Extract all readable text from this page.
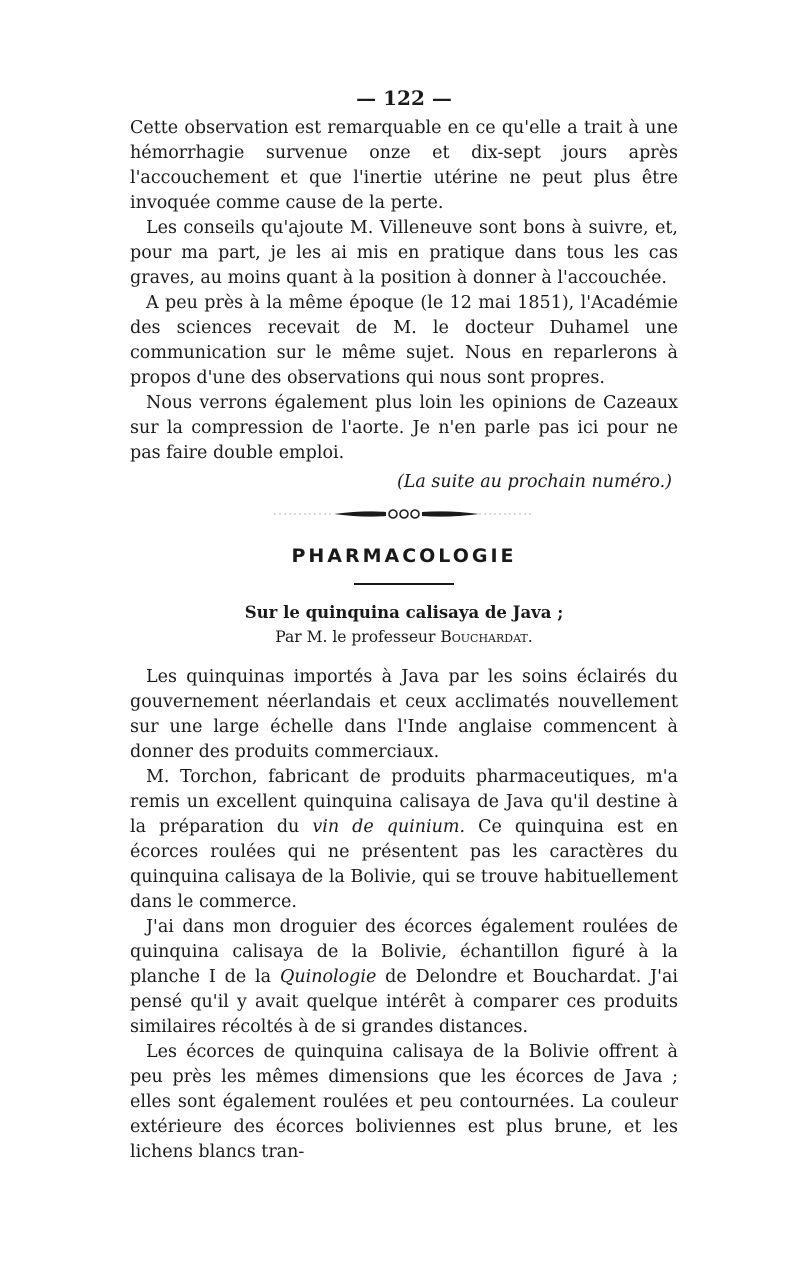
— 122 —

Cette observation est remarquable en ce qu'elle a trait à une hémorrhagie survenue onze et dix-sept jours après l'accouchement et que l'inertie utérine ne peut plus être invoquée comme cause de la perte.

Les conseils qu'ajoute M. Villeneuve sont bons à suivre, et, pour ma part, je les ai mis en pratique dans tous les cas graves, au moins quant à la position à donner à l'accouchée.

A peu près à la même époque (le 12 mai 1851), l'Académie des sciences recevait de M. le docteur Duhamel une communication sur le même sujet. Nous en reparlerons à propos d'une des observations qui nous sont propres.

Nous verrons également plus loin les opinions de Cazeaux sur la compression de l'aorte. Je n'en parle pas ici pour ne pas faire double emploi.

(La suite au prochain numéro.)
PHARMACOLOGIE
Sur le quinquina calisaya de Java ;
Par M. le professeur Bouchardat.

Les quinquinas importés à Java par les soins éclairés du gouvernement néerlandais et ceux acclimatés nouvellement sur une large échelle dans l'Inde anglaise commencent à donner des produits commerciaux.

M. Torchon, fabricant de produits pharmaceutiques, m'a remis un excellent quinquina calisaya de Java qu'il destine à la préparation du vin de quinium. Ce quinquina est en écorces roulées qui ne présentent pas les caractères du quinquina calisaya de la Bolivie, qui se trouve habituellement dans le commerce.

J'ai dans mon droguier des écorces également roulées de quinquina calisaya de la Bolivie, échantillon figuré à la planche I de la Quinologie de Delondre et Bouchardat. J'ai pensé qu'il y avait quelque intérêt à comparer ces produits similaires récoltés à de si grandes distances.

Les écorces de quinquina calisaya de la Bolivie offrent à peu près les mêmes dimensions que les écorces de Java ; elles sont également roulées et peu contournées. La couleur extérieure des écorces boliviennes est plus brune, et les lichens blancs tran-
